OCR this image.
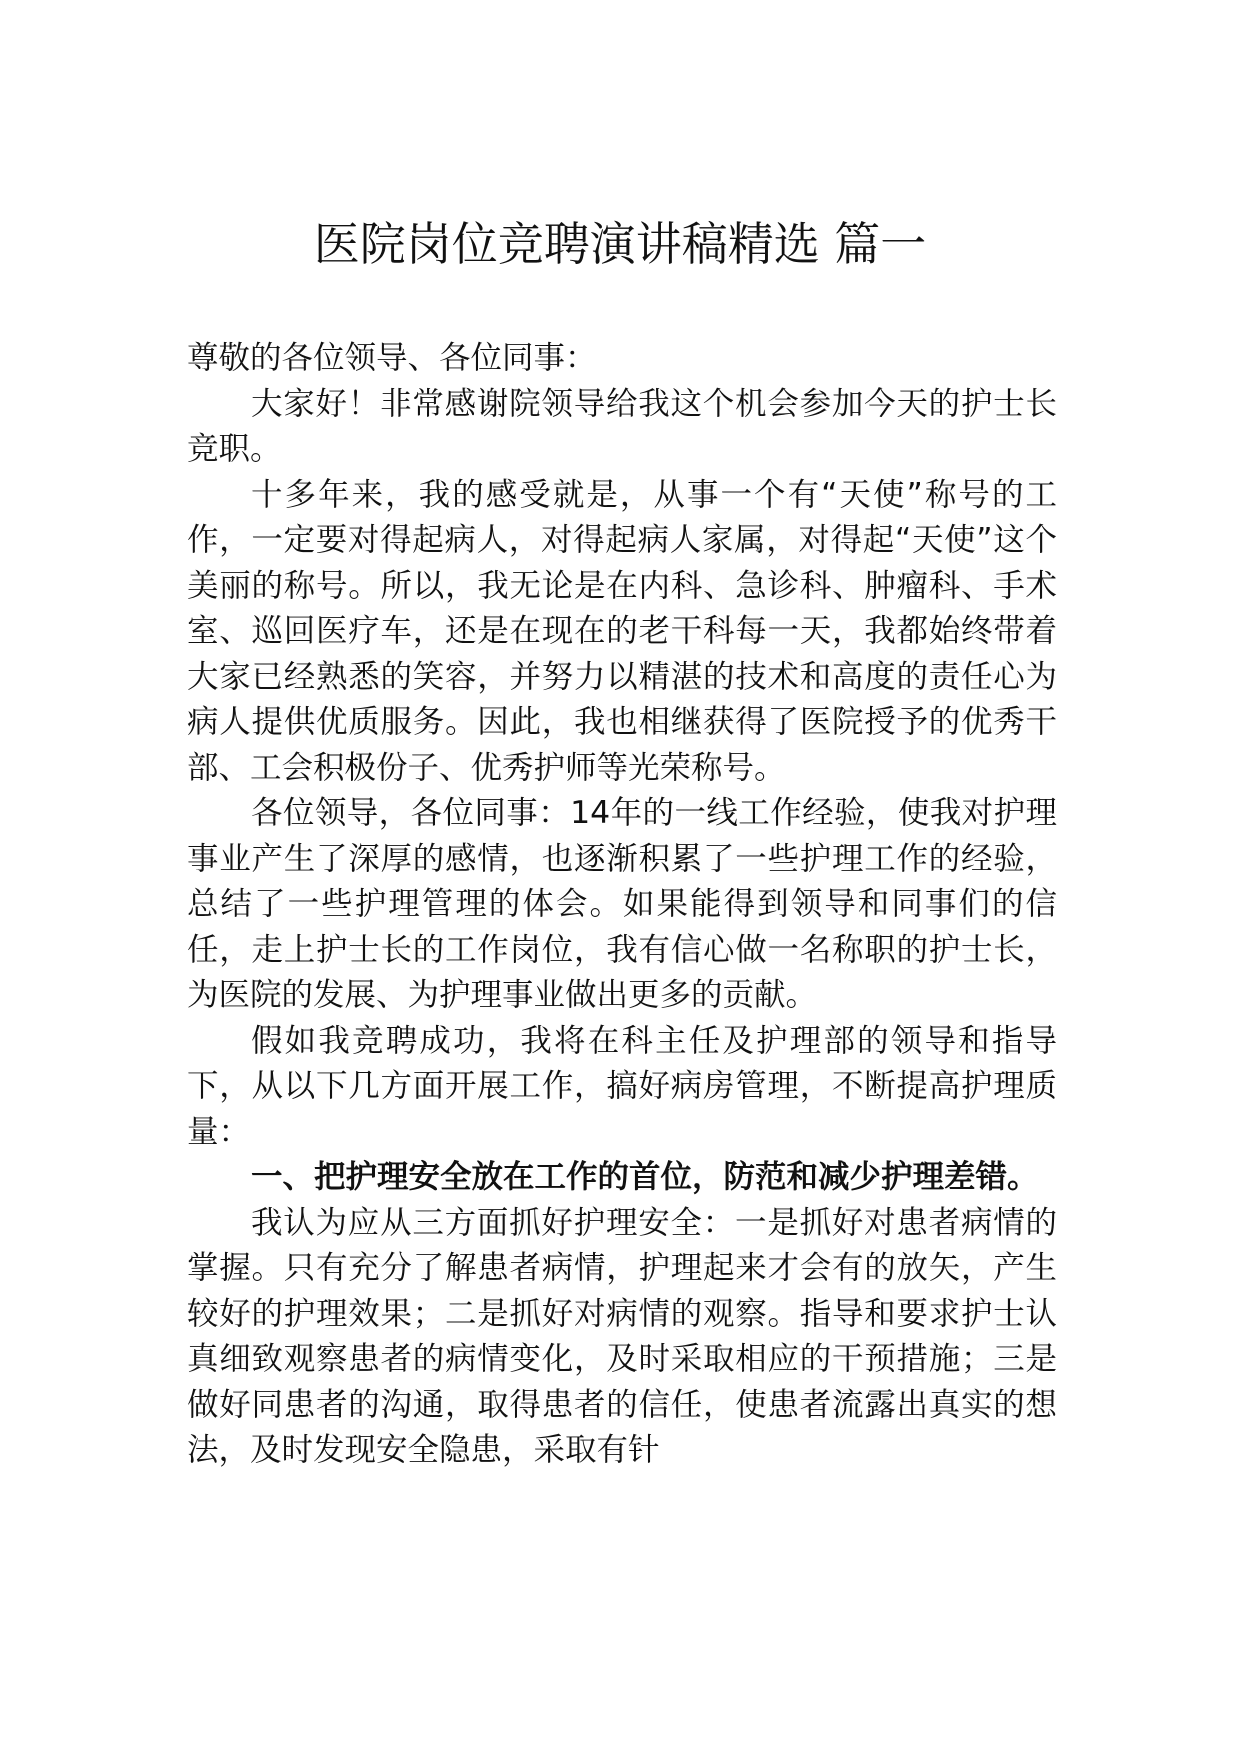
医院岗位竞聘演讲稿精选 篇一

尊敬的各位领导、各位同事：

大家好！非常感谢院领导给我这个机会参加今天的护士长竞职。

十多年来，我的感受就是，从事一个有“天使”称号的工作，一定要对得起病人，对得起病人家属，对得起“天使”这个美丽的称号。所以，我无论是在内科、急诊科、肿瘤科、手术室、巡回医疗车，还是在现在的老干科每一天，我都始终带着大家已经熟悉的笑容，并努力以精湛的技术和高度的责任心为病人提供优质服务。因此，我也相继获得了医院授予的优秀干部、工会积极份子、优秀护师等光荣称号。

各位领导，各位同事：14年的一线工作经验，使我对护理事业产生了深厚的感情，也逐渐积累了一些护理工作的经验，总结了一些护理管理的体会。如果能得到领导和同事们的信任，走上护士长的工作岗位，我有信心做一名称职的护士长，为医院的发展、为护理事业做出更多的贡献。

假如我竞聘成功，我将在科主任及护理部的领导和指导下，从以下几方面开展工作，搞好病房管理，不断提高护理质量：

一、把护理安全放在工作的首位，防范和减少护理差错。

我认为应从三方面抓好护理安全：一是抓好对患者病情的掌握。只有充分了解患者病情，护理起来才会有的放矢，产生较好的护理效果；二是抓好对病情的观察。指导和要求护士认真细致观察患者的病情变化，及时采取相应的干预措施；三是做好同患者的沟通，取得患者的信任，使患者流露出真实的想法，及时发现安全隐患，采取有针
